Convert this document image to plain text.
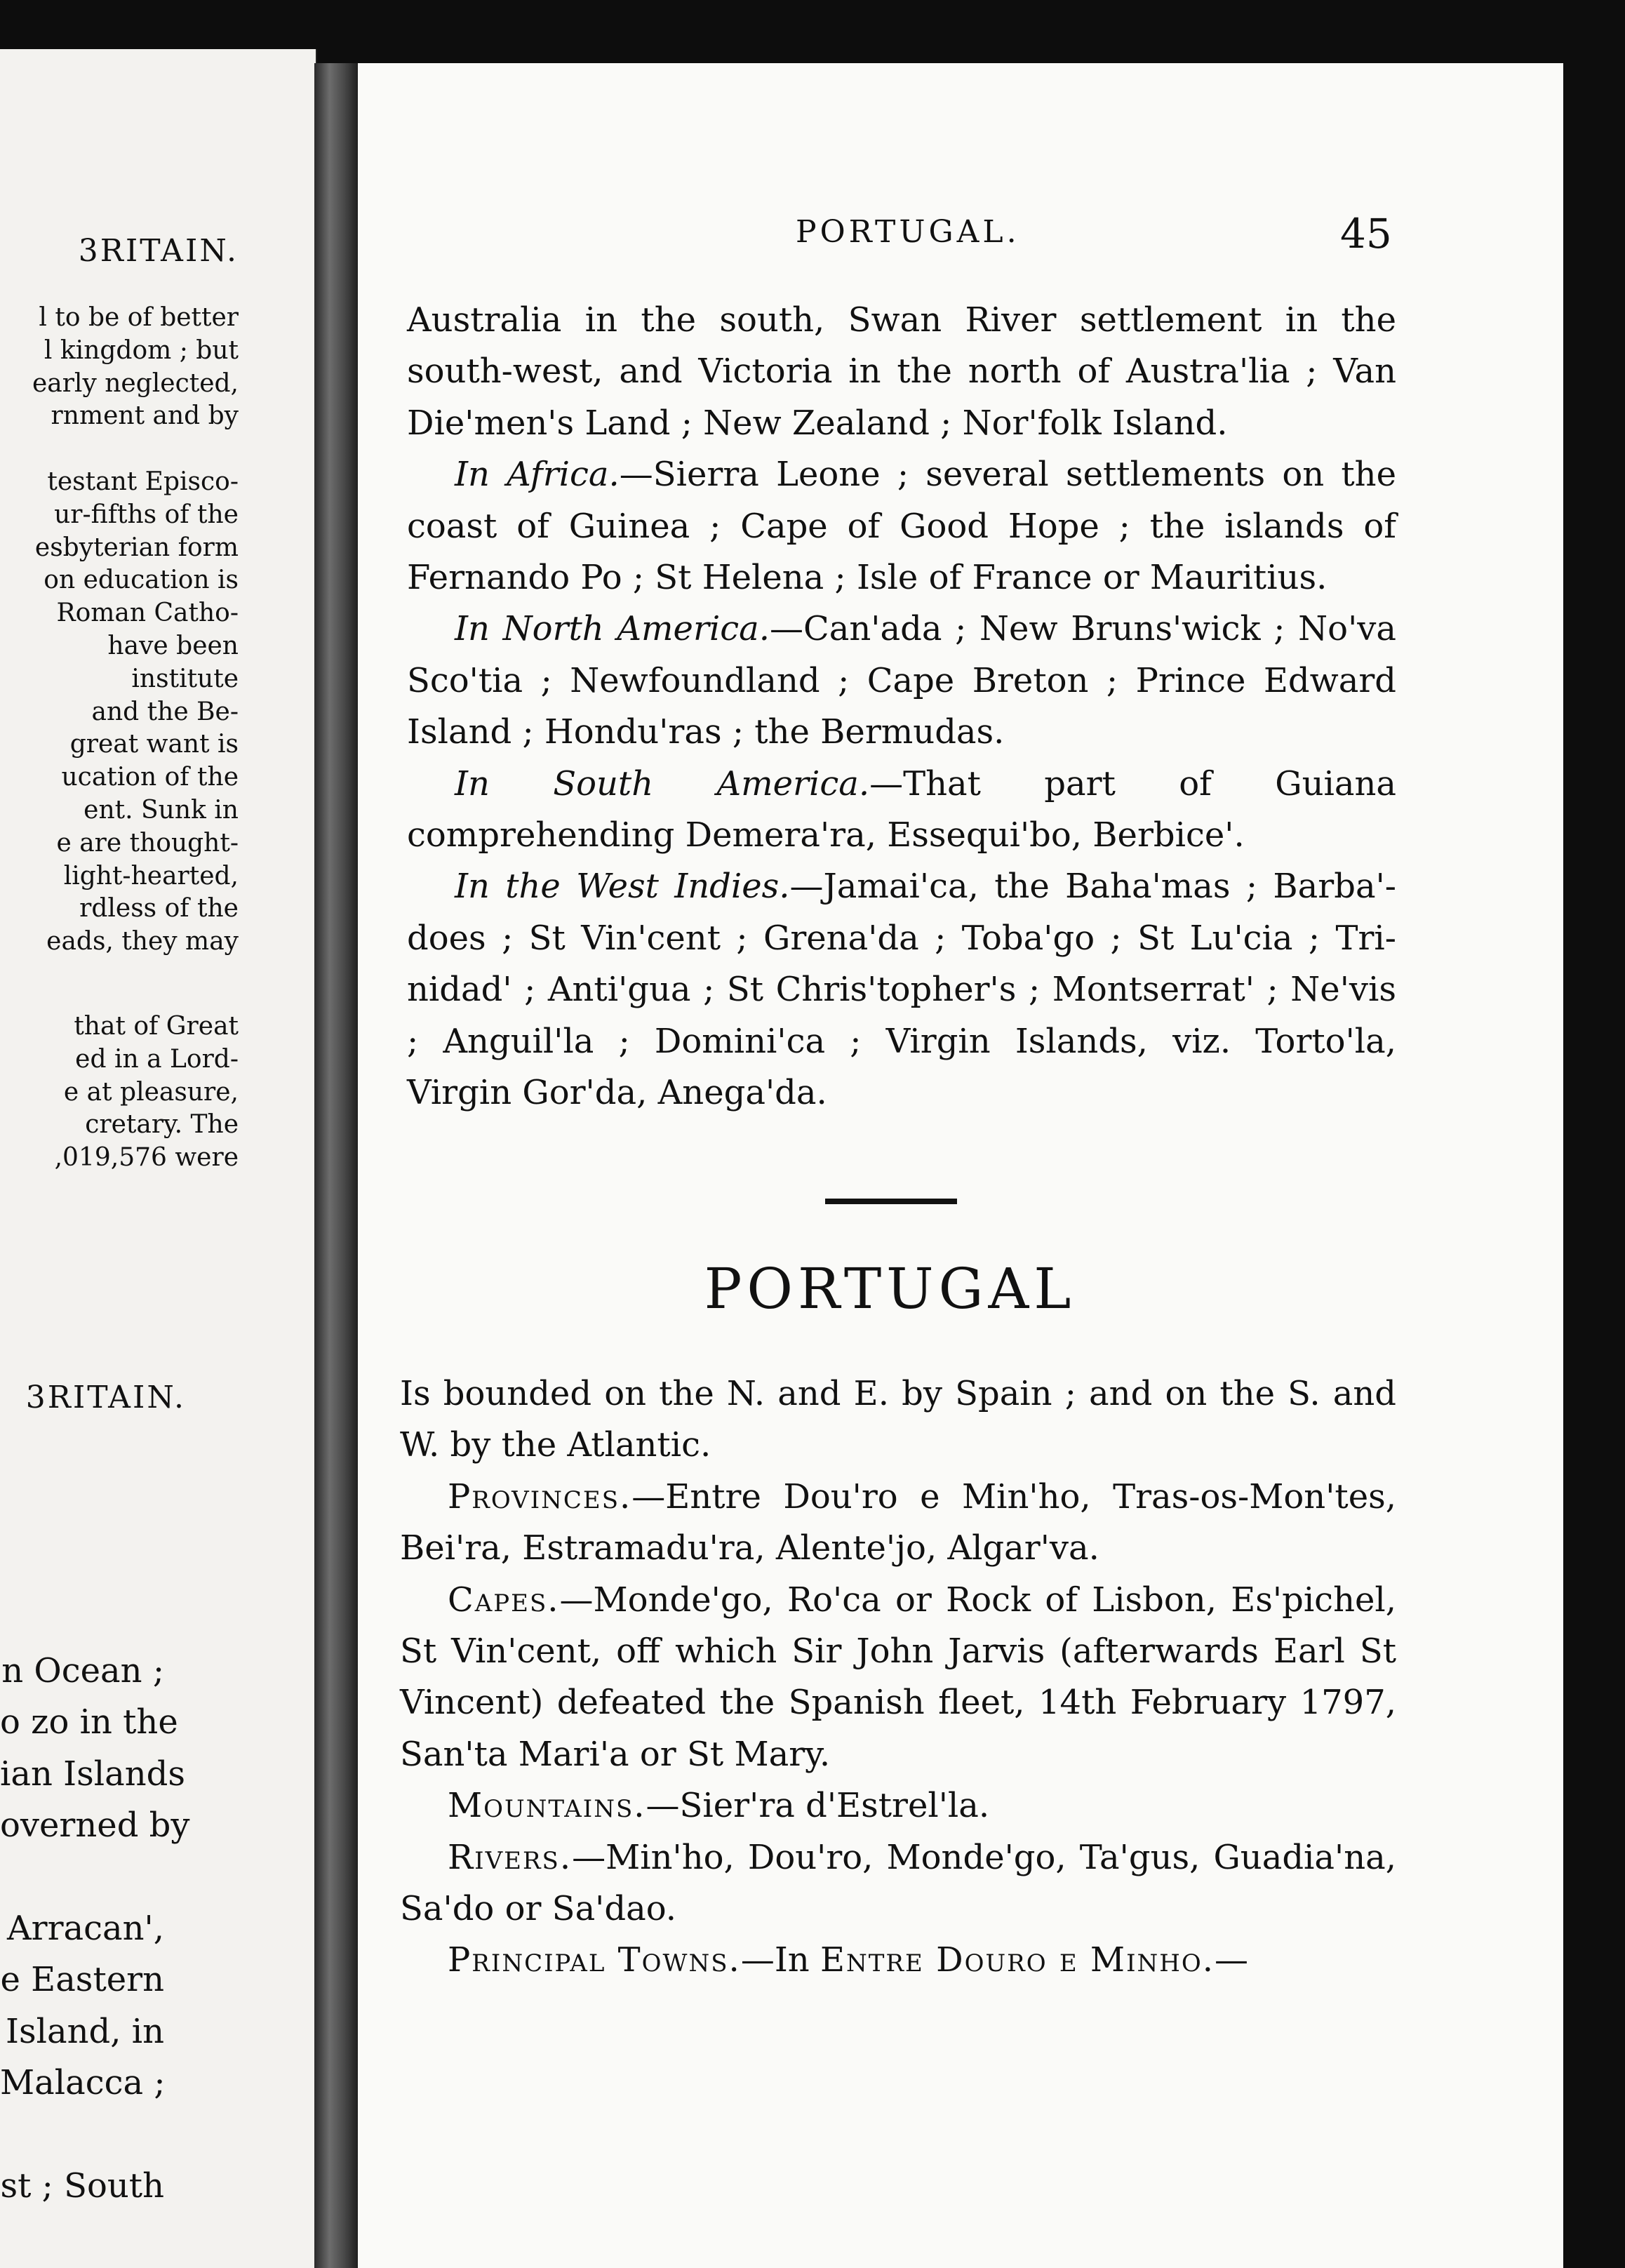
3RITAIN.
l to be of better
l kingdom ; but
early neglected,
rnment and by

testant Episco-
ur-fifths of the
esbyterian form
on education is
Roman Catho-
have been
institute
and the Be-
great want is
ucation of the
ent. Sunk in
e are thought-
light-hearted,
rdless of the
eads, they may
that of Great
ed in a Lord-
e at pleasure,
cretary. The
,019,576 were
3RITAIN.
n Ocean ;
o zo in the
ian Islands
overned by

Arracan',
e Eastern
Island, in
Malacca ;

st ; South
PORTUGAL.	45

Australia in the south, Swan River settlement in the south-west, and Victoria in the north of Austra'lia ; Van Die'men's Land ; New Zealand ; Nor'folk Island.

In Africa.—Sierra Leone ; several settlements on the coast of Guinea ; Cape of Good Hope ; the islands of Fernando Po ; St Helena ; Isle of France or Mauritius.

In North America.—Can'ada ; New Bruns'wick ; No'va Sco'tia ; Newfoundland ; Cape Breton ; Prince Edward Island ; Hondu'ras ; the Bermudas.

In South America.—That part of Guiana comprehending Demera'ra, Essequi'bo, Berbice'.

In the West Indies.—Jamai'ca, the Baha'mas ; Barba'-does ; St Vin'cent ; Grena'da ; Toba'go ; St Lu'cia ; Tri-nidad' ; Anti'gua ; St Chris'topher's ; Montserrat' ; Ne'vis ; Anguil'la ; Domini'ca ; Virgin Islands, viz. Torto'la, Virgin Gor'da, Anega'da.

PORTUGAL

Is bounded on the N. and E. by Spain ; and on the S. and W. by the Atlantic.

Provinces.—Entre Dou'ro e Min'ho, Tras-os-Mon'tes, Bei'ra, Estramadu'ra, Alente'jo, Algar'va.

Capes.—Monde'go, Ro'ca or Rock of Lisbon, Es'pichel, St Vin'cent, off which Sir John Jarvis (afterwards Earl St Vincent) defeated the Spanish fleet, 14th February 1797, San'ta Mari'a or St Mary.

Mountains.—Sier'ra d'Estrel'la.

Rivers.—Min'ho, Dou'ro, Monde'go, Ta'gus, Guadia'na, Sa'do or Sa'dao.

Principal Towns.—In Entre Douro e Minho.—
